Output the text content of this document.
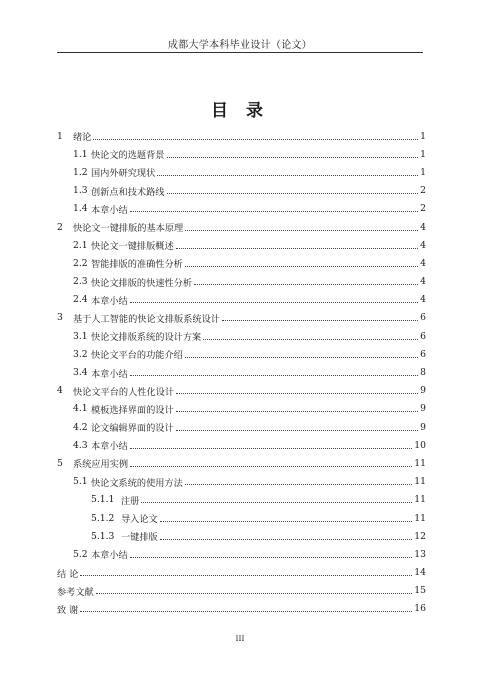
成都大学本科毕业设计（论文）
目 录
1	绪论	1
1.1 快论文的选题背景	1
1.2 国内外研究现状	1
1.3 创新点和技术路线	2
1.4 本章小结	2
2	快论文一键排版的基本原理	4
2.1 快论文一键排版概述	4
2.2 智能排版的准确性分析	4
2.3 快论文排版的快速性分析	4
2.4 本章小结	4
3	基于人工智能的快论文排版系统设计	6
3.1 快论文排版系统的设计方案	6
3.2 快论文平台的功能介绍	6
3.4 本章小结	8
4	快论文平台的人性化设计	9
4.1 模板选择界面的设计	9
4.2 论文编辑界面的设计	9
4.3 本章小结	10
5	系统应用实例	11
5.1 快论文系统的使用方法	11
5.1.1 注册	11
5.1.2 导入论文	11
5.1.3 一键排版	12
5.2 本章小结	13
结 论	14
参考文献	15
致 谢	16
III
